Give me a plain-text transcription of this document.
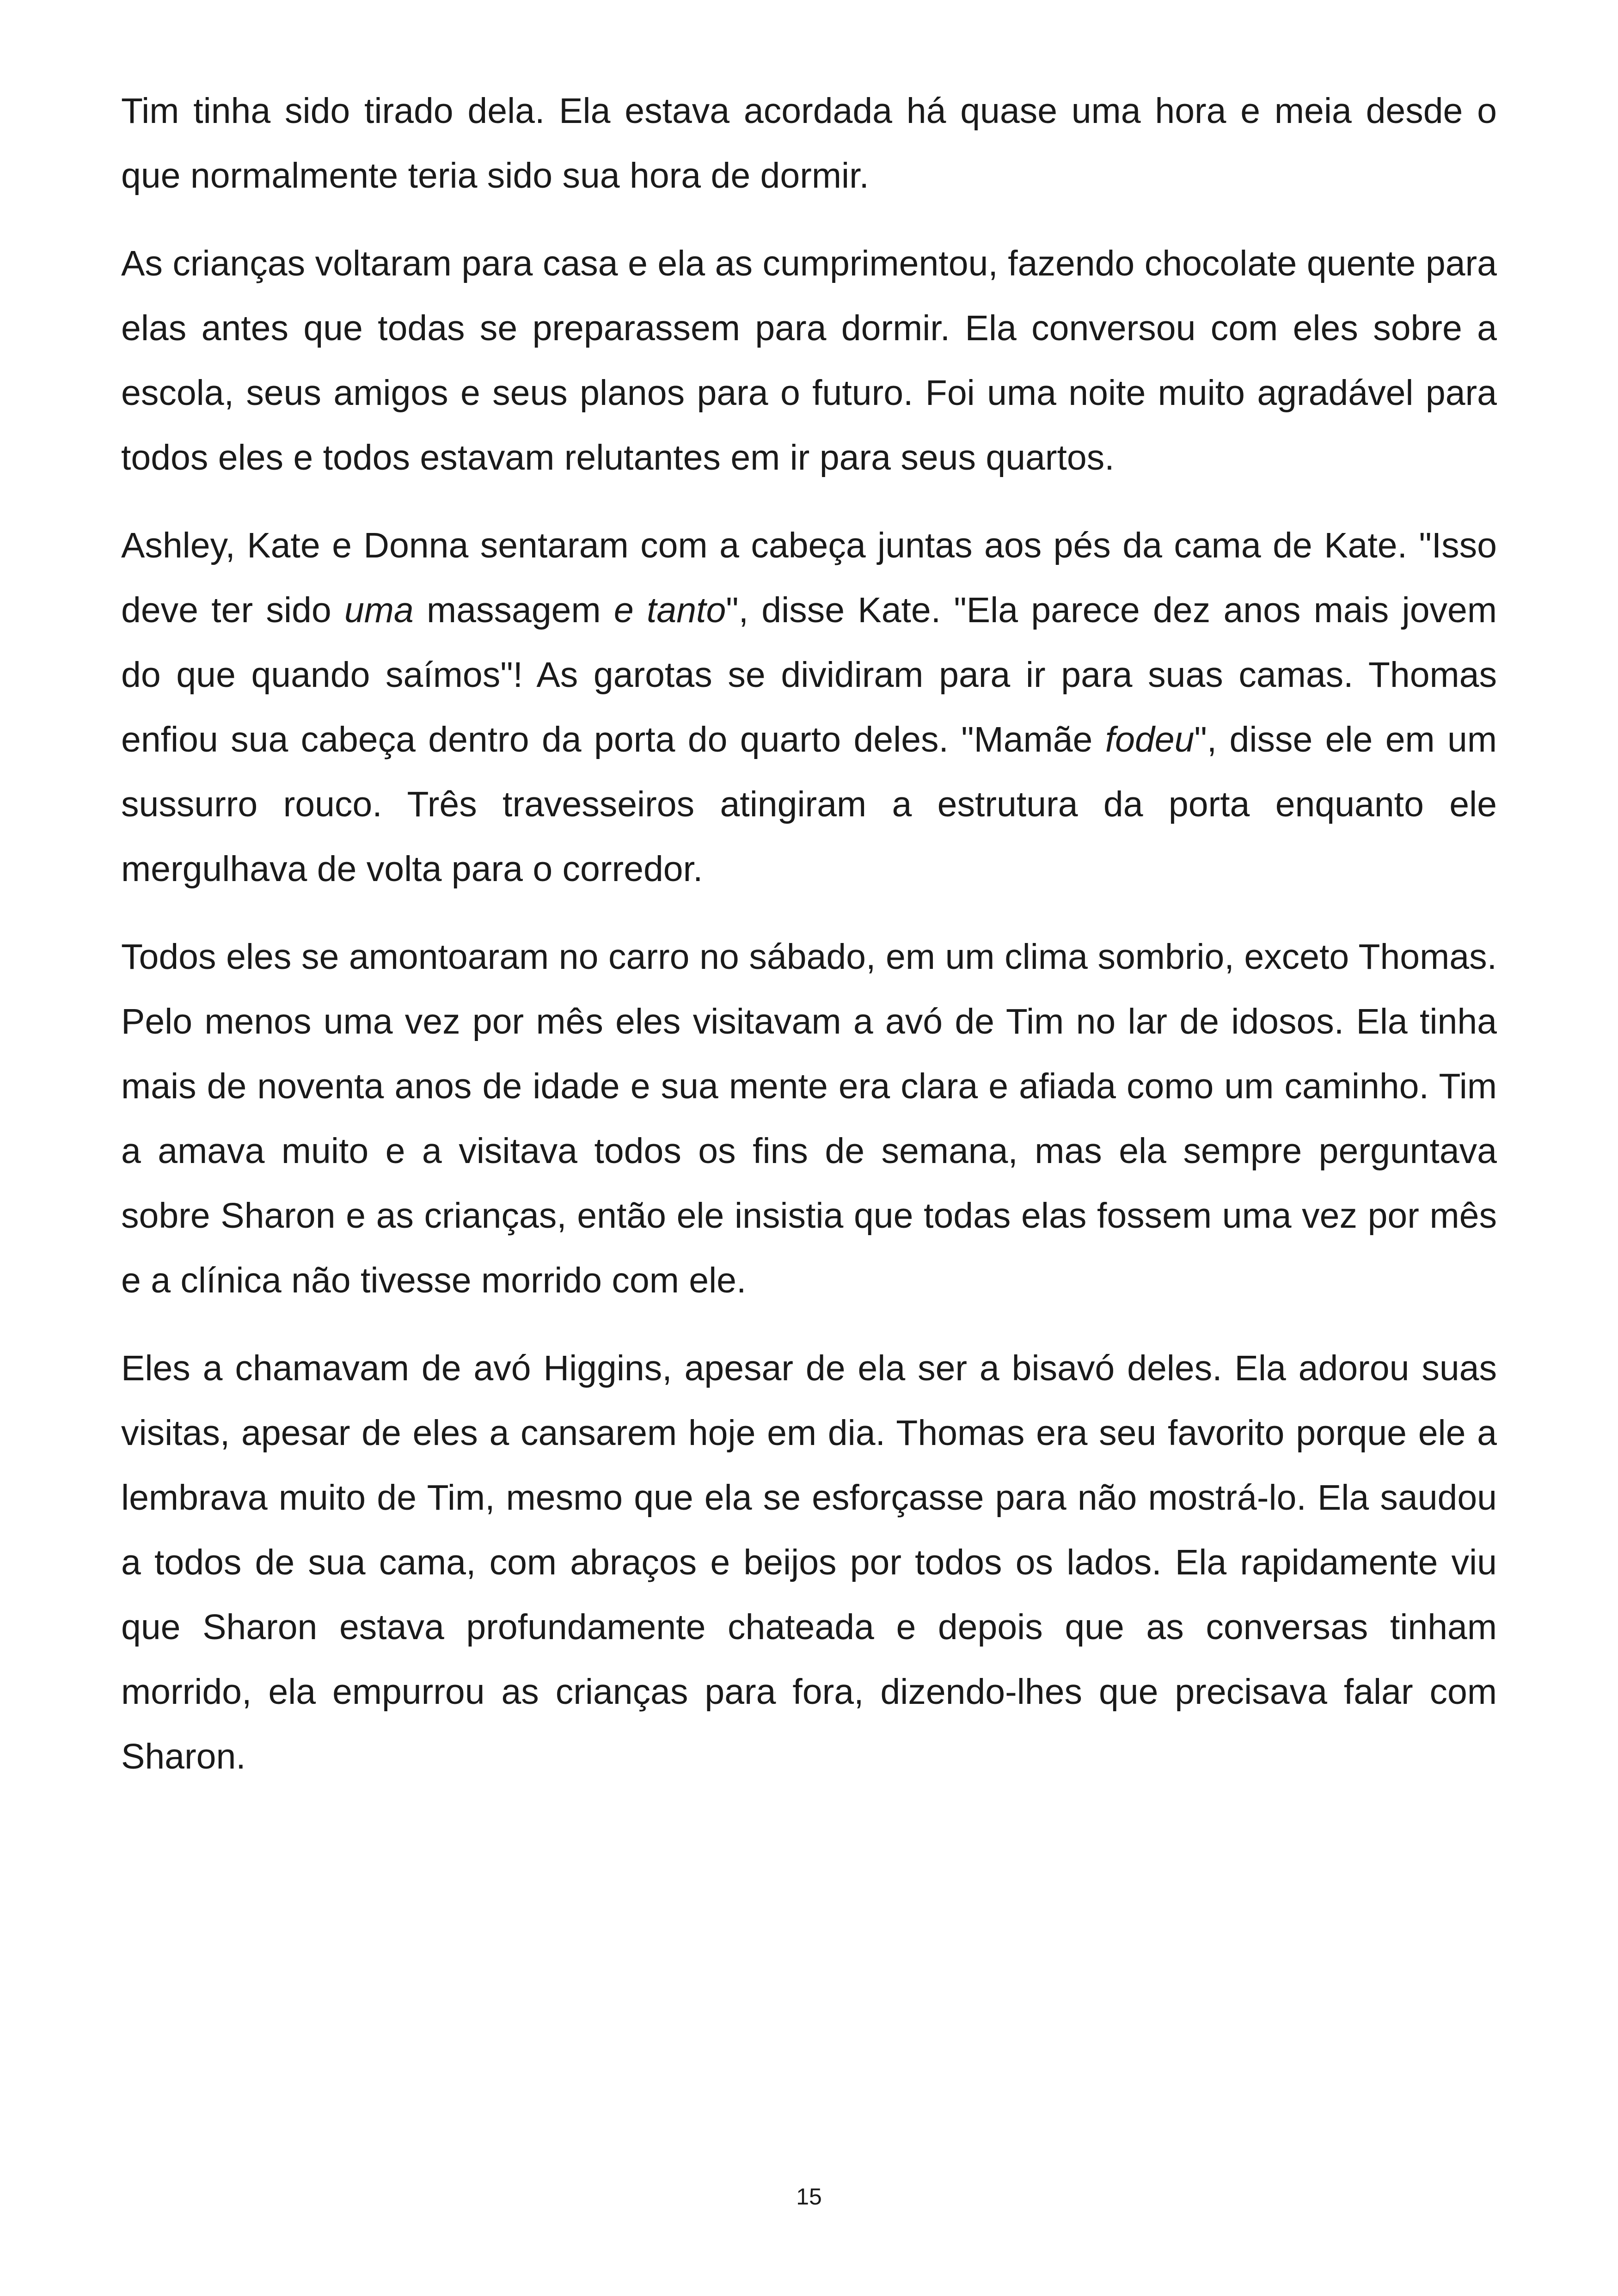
Tim tinha sido tirado dela. Ela estava acordada há quase uma hora e meia desde o que normalmente teria sido sua hora de dormir.

As crianças voltaram para casa e ela as cumprimentou, fazendo chocolate quente para elas antes que todas se preparassem para dormir. Ela conversou com eles sobre a escola, seus amigos e seus planos para o futuro. Foi uma noite muito agradável para todos eles e todos estavam relutantes em ir para seus quartos.

Ashley, Kate e Donna sentaram com a cabeça juntas aos pés da cama de Kate. "Isso deve ter sido uma massagem e tanto", disse Kate. "Ela parece dez anos mais jovem do que quando saímos"! As garotas se dividiram para ir para suas camas. Thomas enfiou sua cabeça dentro da porta do quarto deles. "Mamãe fodeu", disse ele em um sussurro rouco. Três travesseiros atingiram a estrutura da porta enquanto ele mergulhava de volta para o corredor.

Todos eles se amontoaram no carro no sábado, em um clima sombrio, exceto Thomas. Pelo menos uma vez por mês eles visitavam a avó de Tim no lar de idosos. Ela tinha mais de noventa anos de idade e sua mente era clara e afiada como um caminho. Tim a amava muito e a visitava todos os fins de semana, mas ela sempre perguntava sobre Sharon e as crianças, então ele insistia que todas elas fossem uma vez por mês e a clínica não tivesse morrido com ele.

Eles a chamavam de avó Higgins, apesar de ela ser a bisavó deles. Ela adorou suas visitas, apesar de eles a cansarem hoje em dia. Thomas era seu favorito porque ele a lembrava muito de Tim, mesmo que ela se esforçasse para não mostrá-lo. Ela saudou a todos de sua cama, com abraços e beijos por todos os lados. Ela rapidamente viu que Sharon estava profundamente chateada e depois que as conversas tinham morrido, ela empurrou as crianças para fora, dizendo-lhes que precisava falar com Sharon.

15
